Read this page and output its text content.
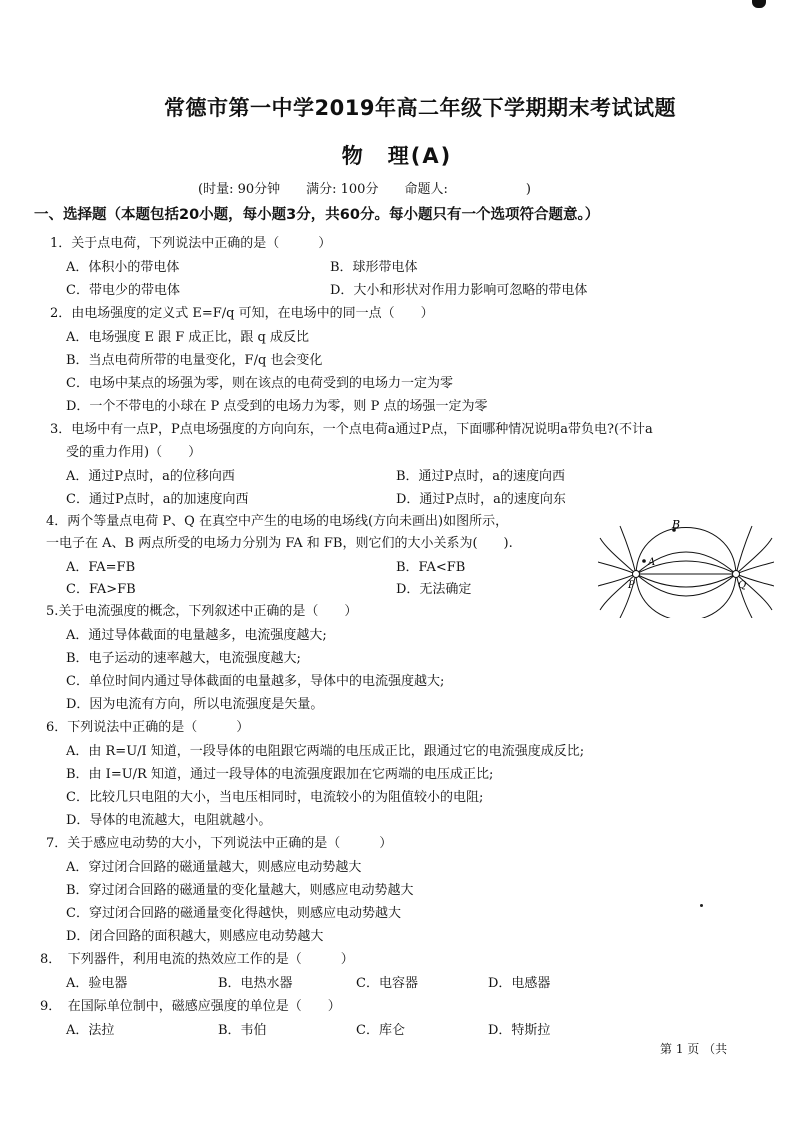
常德市第一中学2019年高二年级下学期期末考试试题
物　理(A)
(时量: 90分钟　　满分: 100分　　命题人:　　　　　　)
一、选择题（本题包括20小题，每小题3分，共60分。每小题只有一个选项符合题意。）
1．关于点电荷，下列说法中正确的是（　　　）
A．体积小的带电体	B．球形带电体
C．带电少的带电体	D．大小和形状对作用力影响可忽略的带电体
2．由电场强度的定义式 E=F/q 可知，在电场中的同一点（　　）
A．电场强度 E 跟 F 成正比，跟 q 成反比
B．当点电荷所带的电量变化，F/q 也会变化
C．电场中某点的场强为零，则在该点的电荷受到的电场力一定为零
D．一个不带电的小球在 P 点受到的电场力为零，则 P 点的场强一定为零
3．电场中有一点P，P点电场强度的方向向东，一个点电荷a通过P点，下面哪种情况说明a带负电?(不计a
受的重力作用)（　　）
A．通过P点时，a的位移向西	B．通过P点时，a的速度向西
C．通过P点时，a的加速度向西	D．通过P点时，a的速度向东
4．两个等量点电荷 P、Q 在真空中产生的电场的电场线(方向未画出)如图所示，
一电子在 A、B 两点所受的电场力分别为 FA 和 FB，则它们的大小关系为(　　).
A．FA=FB	B．FA<FB
C．FA>FB	D．无法确定
B
A
P	Q
5.关于电流强度的概念，下列叙述中正确的是（　　）
A．通过导体截面的电量越多，电流强度越大;
B．电子运动的速率越大，电流强度越大;
C．单位时间内通过导体截面的电量越多，导体中的电流强度越大;
D．因为电流有方向，所以电流强度是矢量。
6．下列说法中正确的是（　　　）
A．由 R=U/I 知道，一段导体的电阻跟它两端的电压成正比，跟通过它的电流强度成反比;
B．由 I=U/R 知道，通过一段导体的电流强度跟加在它两端的电压成正比;
C．比较几只电阻的大小，当电压相同时，电流较小的为阻值较小的电阻;
D．导体的电流越大，电阻就越小。
7．关于感应电动势的大小，下列说法中正确的是（　　　）
A．穿过闭合回路的磁通量越大，则感应电动势越大
B．穿过闭合回路的磁通量的变化量越大，则感应电动势越大
C．穿过闭合回路的磁通量变化得越快，则感应电动势越大
D．闭合回路的面积越大，则感应电动势越大
8．　下列器件，利用电流的热效应工作的是（　　　）
A．验电器	B．电热水器	C．电容器	D．电感器
9．　在国际单位制中，磁感应强度的单位是（　　）
A．法拉	B．韦伯	C．库仑	D．特斯拉
第 1 页 （共
